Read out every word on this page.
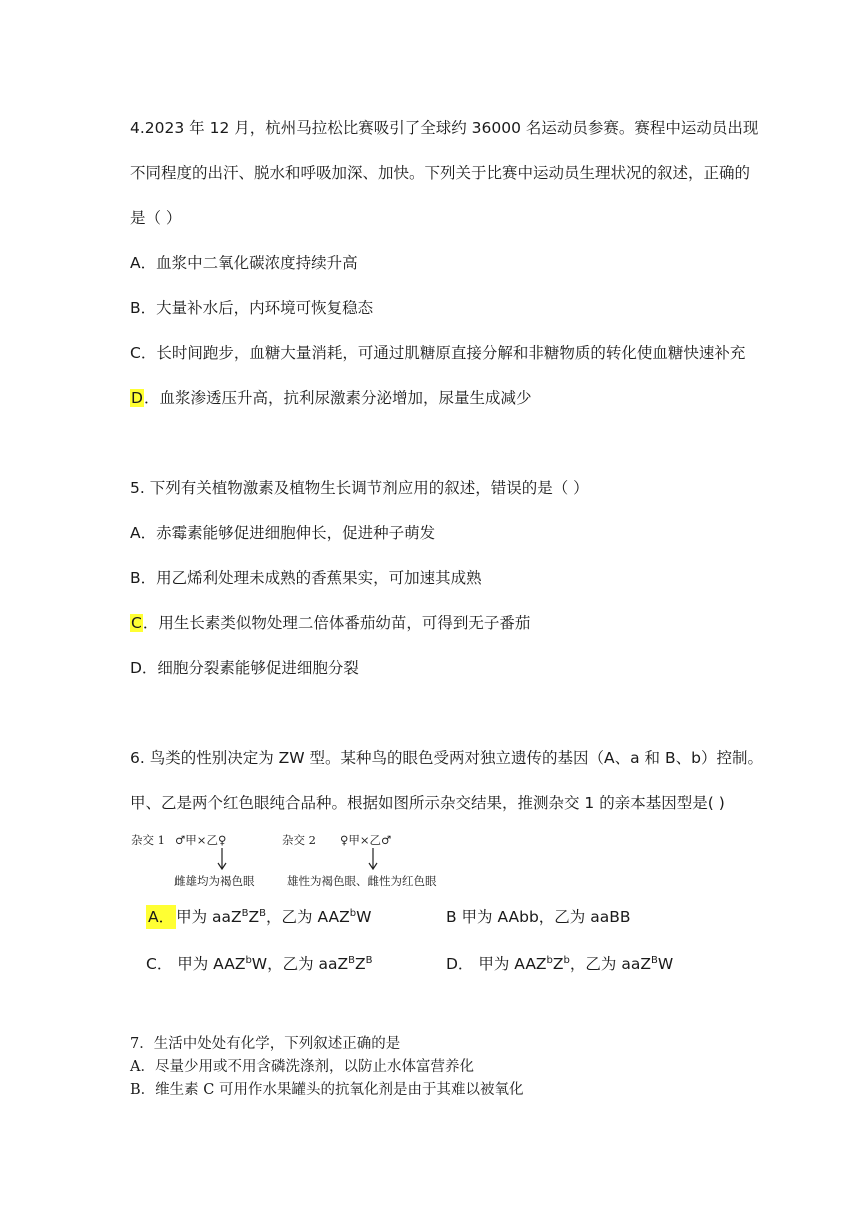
4.2023 年 12 月，杭州马拉松比赛吸引了全球约 36000 名运动员参赛。赛程中运动员出现
不同程度的出汗、脱水和呼吸加深、加快。下列关于比赛中运动员生理状况的叙述，正确的
是（ ）
A．血浆中二氧化碳浓度持续升高
B．大量补水后，内环境可恢复稳态
C．长时间跑步，血糖大量消耗，可通过肌糖原直接分解和非糖物质的转化使血糖快速补充
D．血浆渗透压升高，抗利尿激素分泌增加，尿量生成减少
5. 下列有关植物激素及植物生长调节剂应用的叙述，错误的是（ ）
A．赤霉素能够促进细胞伸长，促进种子萌发
B．用乙烯利处理未成熟的香蕉果实，可加速其成熟
C．用生长素类似物处理二倍体番茄幼苗，可得到无子番茄
D．细胞分裂素能够促进细胞分裂
6. 鸟类的性别决定为 ZW 型。某种鸟的眼色受两对独立遗传的基因（A、a 和 B、b）控制。
甲、乙是两个红色眼纯合品种。根据如图所示杂交结果，推测杂交 1 的亲本基因型是( )
杂交 1 ♂甲×乙♀	杂交 2 ♀甲×乙♂
雌雄均为褐色眼	雄性为褐色眼、雌性为红色眼
A． 甲为 $aaZ^BZ^B$，乙为 AAZ$^b$W	B 甲为 AAbb，乙为 aaBB
C． 甲为 AAZ$^b$W，乙为 $aaZ^BZ^B$	D． 甲为 $AAZ^bZ^b$，乙为 aaZ$^B$W
7．生活中处处有化学，下列叙述正确的是
A．尽量少用或不用含磷洗涤剂，以防止水体富营养化
B．维生素 C 可用作水果罐头的抗氧化剂是由于其难以被氧化
